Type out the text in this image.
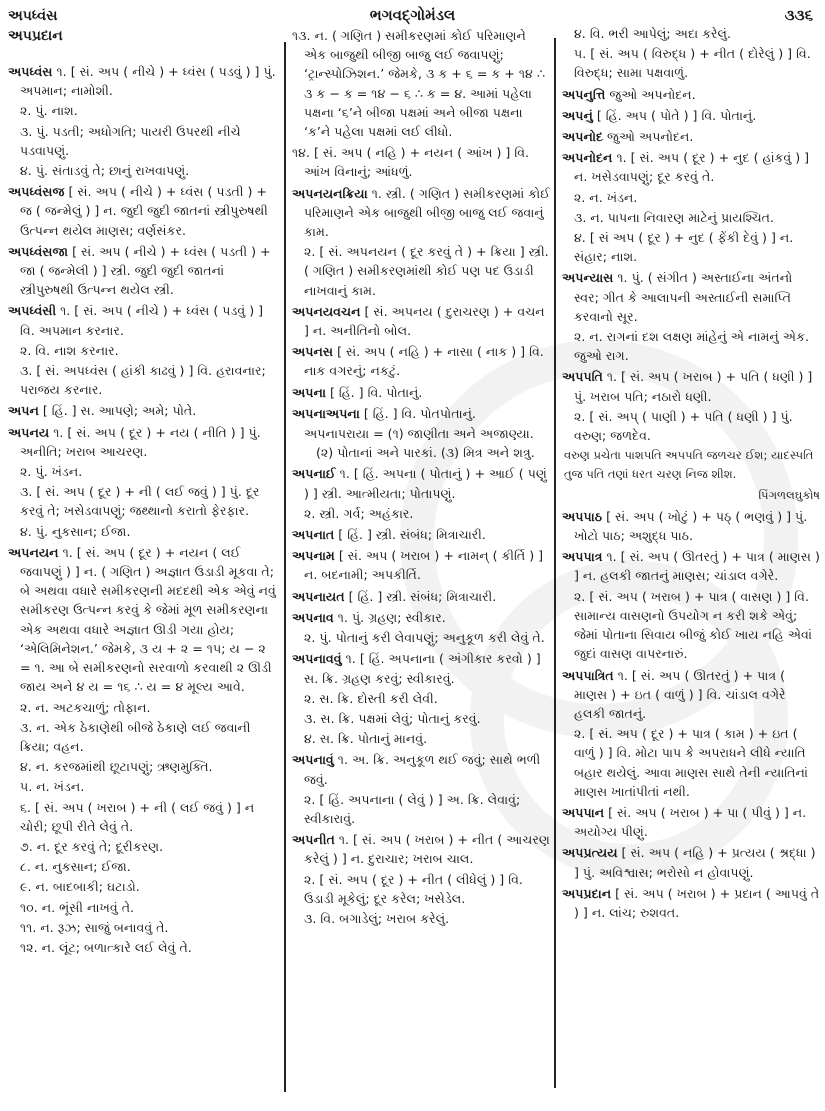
અપધ્વંસ
અપપ્રદાન
ભગવદ્ગોમંડલ	૩૩૬
અપધ્વંસ ૧. [ સં. અપ ( નીચે ) + ધ્વંસ ( પડવું ) ] પું. અપમાન; નામોશી.
૨. પું. નાશ.
૩. પું. પડતી; અધોગતિ; પાયરી ઉપરથી નીચે પડવાપણું.
૪. પું. સંતાડવું તે; છાનું રાખવાપણું.
અપધ્વંસજ [ સં. અપ ( નીચે ) + ધ્વંસ ( પડતી ) + જ ( જન્મેલું ) ] ન. જુદી જુદી જાતનાં સ્ત્રીપુરુષથી ઉત્પન્ન થયેલ માણસ; વર્ણસંકર.
અપધ્વંસજા [ સં. અપ ( નીચે ) + ધ્વંસ ( પડતી ) + જા ( જન્મેલી ) ] સ્ત્રી. જુદી જુદી જાતનાં સ્ત્રીપુરુષથી ઉત્પન્ન થયેલ સ્ત્રી.
અપધ્વંસી ૧. [ સં. અપ ( નીચે ) + ધ્વંસ ( પડવું ) ] વિ. અપમાન કરનાર.
૨. વિ. નાશ કરનાર.
૩. [ સં. અપધ્વંસ ( હાંકી કાઢવું ) ] વિ. હરાવનાર; પરાજય કરનાર.
અપન [ હિં. ] સ. આપણે; અમે; પોતે.
અપનય ૧. [ સં. અપ ( દૂર ) + નય ( નીતિ ) ] પું. અનીતિ; ખરાબ આચરણ.
૨. પું. ખંડન.
૩. [ સં. અપ ( દૂર ) + ની ( લઈ જવું ) ] પું. દૂર કરવું તે; ખસેડવાપણું; જથ્થાનો કરાતો ફેરફાર.
૪. પું. નુકસાન; ઈજા.
અપનયન ૧. [ સં. અપ ( દૂર ) + નયન ( લઈ જવાપણું ) ] ન. ( ગણિત ) અજ્ઞાત ઉડાડી મૂકવા તે; બે અથવા વધારે સમીકરણની મદદથી એક એવું નવું સમીકરણ ઉત્પન્ન કરવું કે જેમાં મૂળ સમીકરણના એક અથવા વધારે અજ્ઞાત ઊડી ગયા હોય; ‘એલિમિનેશન.’ જેમકે, ૩ ય + ૨ = ૧૫; ય − ૨ = ૧. આ બે સમીકરણનો સરવાળો કરવાથી ૨ ઊડી જાય અને ૪ ય = ૧૬ ∴ ય = ૪ મૂલ્ય આવે.
૨. ન. અટકચાળું; તોફાન.
૩. ન. એક ઠેકાણેથી બીજે ઠેકાણે લઈ જવાની ક્રિયા; વહન.
૪. ન. કરજમાંથી છૂટાપણું; ઋણમુક્તિ.
૫. ન. ખંડન.
૬. [ સં. અપ ( ખરાબ ) + ની ( લઈ જવું ) ] ન ચોરી; છૂપી રીતે લેવું તે.
૭. ન. દૂર કરવું તે; દૂરીકરણ.
૮. ન. નુકસાન; ઈજા.
૯. ન. બાદબાકી; ઘટાડો.
૧૦. ન. ભૂંસી નાખવું તે.
૧૧. ન. રૂઝ; સાજું બનાવવું તે.
૧૨. ન. લૂંટ; બળાત્કારે લઈ લેવું તે.
૧૩. ન. ( ગણિત ) સમીકરણમાં કોઈ પરિમાણને એક બાજુથી બીજી બાજુ લઈ જવાપણું; ‘ટ્રાન્સ્પોઝિશન.’ જેમકે, ૩ ક + ૬ = ક + ૧૪ ∴ ૩ ક − ક = ૧૪ − ૬ ∴ ક = ૪. આમાં પહેલા પક્ષના ‘૬’ને બીજા પક્ષમાં અને બીજા પક્ષના ‘ક’ને પહેલા પક્ષમાં લઈ લીધો.
૧૪. [ સં. અપ ( નહિ ) + નયન ( આંખ ) ] વિ. આંખ વિનાનું; આંધળું.
અપનયનક્રિયા ૧. સ્ત્રી. ( ગણિત ) સમીકરણમાં કોઈ પરિમાણને એક બાજુથી બીજી બાજુ લઈ જવાનું કામ.
૨. [ સં. અપનયન ( દૂર કરવું તે ) + ક્રિયા ] સ્ત્રી. ( ગણિત ) સમીકરણમાંથી કોઈ પણ પદ ઉડાડી નાખવાનું કામ.
અપનયવચન [ સં. અપનય ( દુરાચરણ ) + વચન ] ન. અનીતિનો બોલ.
અપનસ [ સં. અપ ( નહિ ) + નાસા ( નાક ) ] વિ. નાક વગરનું; નકટું.
અપના [ હિં. ] વિ. પોતાનું.
અપનાઅપના [ હિં. ] વિ. પોતપોતાનું.
અપનાપરાયા = (૧) જાણીતા અને અજાણ્યા. (૨) પોતાનાં અને પારકાં. (૩) મિત્ર અને શત્રુ.
અપનાઈ ૧. [ હિં. અપના ( પોતાનું ) + આઈ ( પણું ) ] સ્ત્રી. આત્મીયતા; પોતાપણું.
૨. સ્ત્રી. ગર્વ; અહંકાર.
અપનાત [ હિં. ] સ્ત્રી. સંબંધ; મિત્રાચારી.
અપનામ [ સં. અપ ( ખરાબ ) + નામન્ ( કીર્તિ ) ] ન. બદનામી; અપકીર્તિ.
અપનાયત [ હિં. ] સ્ત્રી. સંબંધ; મિત્રાચારી.
અપનાવ ૧. પું. ગ્રહણ; સ્વીકાર.
૨. પું. પોતાનું કરી લેવાપણું; અનુકૂળ કરી લેવું તે.
અપનાવવું ૧. [ હિં. અપનાના ( અંગીકાર કરવો ) ] સ. ક્રિ. ગ્રહણ કરવું; સ્વીકારવું.
૨. સ. ક્રિ. દોસ્તી કરી લેવી.
૩. સ. ક્રિ. પક્ષમાં લેવું; પોતાનું કરવું.
૪. સ. ક્રિ. પોતાનું માનવું.
અપનાવું ૧. અ. ક્રિ. અનુકૂળ થઈ જવું; સાથે ભળી જવું.
૨. [ હિં. અપનાના ( લેવું ) ] અ. ક્રિ. લેવાવું; સ્વીકારાવું.
અપનીત ૧. [ સં. અપ ( ખરાબ ) + નીત ( આચરણ કરેલું ) ] ન. દુરાચાર; ખરાબ ચાલ.
૨. [ સં. અપ ( દૂર ) + નીત ( લીધેલું ) ] વિ. ઉડાડી મૂકેલું; દૂર કરેલ; ખસેડેલ.
૩. વિ. બગાડેલું; ખરાબ કરેલું.
૪. વિ. ભરી આપેલું; અદા કરેલું.
૫. [ સં. અપ ( વિરુદ્ધ ) + નીત ( દોરેલું ) ] વિ. વિરુદ્ધ; સામા પક્ષવાળું.
અપનુત્તિ જુઓ અપનોદન.
અપનું [ હિં. અપ ( પોતે ) ] વિ. પોતાનું.
અપનોદ જુઓ અપનોદન.
અપનોદન ૧. [ સં. અપ ( દૂર ) + નુદ ( હાંકવું ) ] ન. ખસેડવાપણું; દૂર કરવું તે.
૨. ન. ખંડન.
૩. ન. પાપના નિવારણ માટેનું પ્રાયશ્ચિત.
૪. [ સં અપ ( દૂર ) + નુદ ( ફેંકી દેવું ) ] ન. સંહાર; નાશ.
અપન્યાસ ૧. પું. ( સંગીત ) અસ્તાઈના અંતનો સ્વર; ગીત કે આલાપની અસ્તાઈની સમાપ્તિ કરવાનો સૂર.
૨. ન. રાગનાં દશ લક્ષણ માંહેનું એ નામનું એક. જુઓ રાગ.
અપપતિ ૧. [ સં. અપ ( ખરાબ ) + પતિ ( ધણી ) ] પું. ખરાબ પતિ; નઠારો ધણી.
૨. [ સં. અપ્ ( પાણી ) + પતિ ( ધણી ) ] પું. વરુણ; જળદેવ.
વરુણ પ્રચેતા પાશપતિ અપપતિ જળચર ઈશ; યાદસ્પતિ તુજ પતિ તણાં ધરત ચરણ નિજ શીશ.
પિંગળલઘુકોષ
અપપાઠ [ સં. અપ ( ખોટું ) + પઠ્ ( ભણવું ) ] પું. ખોટો પાઠ; અશુદ્ધ પાઠ.
અપપાત્ર ૧. [ સં. અપ ( ઊતરતું ) + પાત્ર ( માણસ ) ] ન. હલકી જાતનું માણસ; ચાંડાલ વગેરે.
૨. [ સં. અપ ( ખરાબ ) + પાત્ર ( વાસણ ) ] વિ. સામાન્ય વાસણનો ઉપયોગ ન કરી શકે એવું; જેમાં પોતાના સિવાય બીજું કોઈ ખાય નહિ એવાં જુદાં વાસણ વાપરનારું.
અપપાત્રિત ૧. [ સં. અપ ( ઊતરતું ) + પાત્ર ( માણસ ) + ઇત ( વાળું ) ] વિ. ચાંડાલ વગેરે હલકી જાતનું.
૨. [ સં. અપ ( દૂર ) + પાત્ર ( કામ ) + ઇત ( વાળું ) ] વિ. મોટા પાપ કે અપરાધને લીધે ન્યાતિ બહાર થયેલું. આવા માણસ સાથે તેની ન્યાતિનાં માણસ ખાતાંપીતાં નથી.
અપપાન [ સં. અપ ( ખરાબ ) + પા ( પીવું ) ] ન. અયોગ્ય પીણું.
અપપ્રત્યય [ સં. અપ ( નહિ ) + પ્રત્યય ( શ્રદ્ધા ) ] પું. અવિશ્વાસ; ભરોસો ન હોવાપણું.
અપપ્રદાન [ સં. અપ ( ખરાબ ) + પ્રદાન ( આપવું તે ) ] ન. લાંચ; રુશવત.
